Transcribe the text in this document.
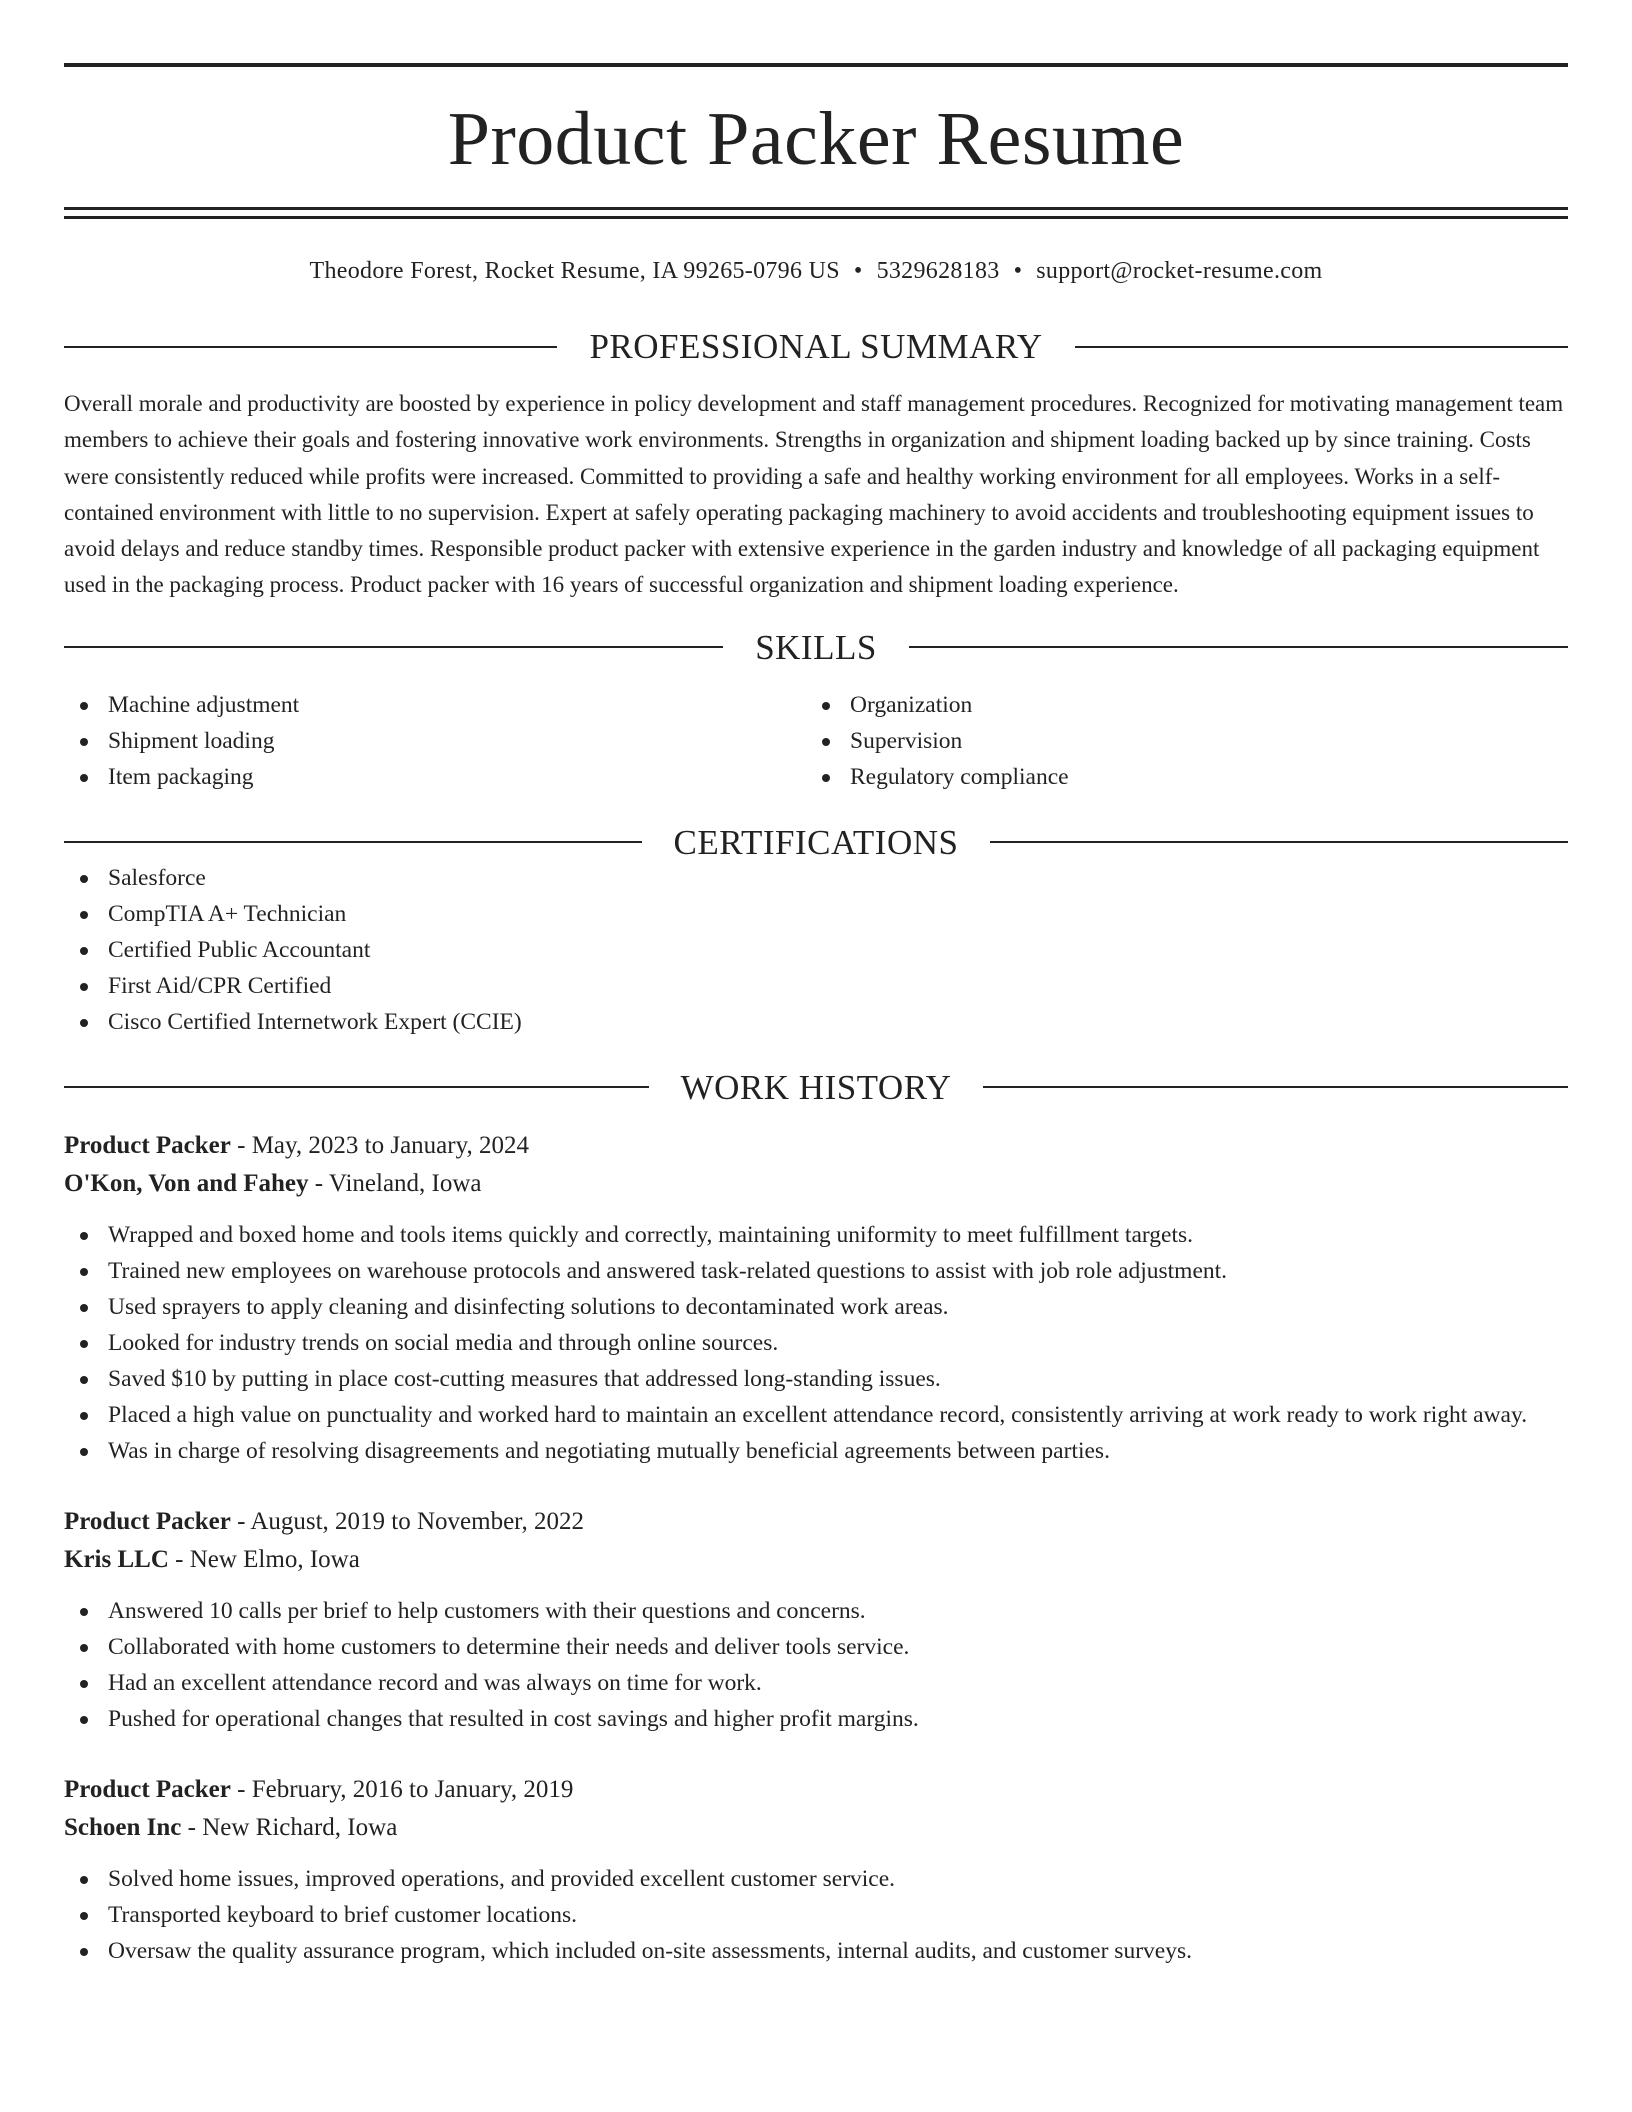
Product Packer Resume
Theodore Forest, Rocket Resume, IA 99265-0796 US • 5329628183 • support@rocket-resume.com
PROFESSIONAL SUMMARY

Overall morale and productivity are boosted by experience in policy development and staff management procedures. Recognized for motivating management team members to achieve their goals and fostering innovative work environments. Strengths in organization and shipment loading backed up by since training. Costs were consistently reduced while profits were increased. Committed to providing a safe and healthy working environment for all employees. Works in a self-contained environment with little to no supervision. Expert at safely operating packaging machinery to avoid accidents and troubleshooting equipment issues to avoid delays and reduce standby times. Responsible product packer with extensive experience in the garden industry and knowledge of all packaging equipment used in the packaging process. Product packer with 16 years of successful organization and shipment loading experience.

SKILLS
Machine adjustment
Shipment loading
Item packaging
Organization
Supervision
Regulatory compliance
CERTIFICATIONS
Salesforce
CompTIA A+ Technician
Certified Public Accountant
First Aid/CPR Certified
Cisco Certified Internetwork Expert (CCIE)
WORK HISTORY
Product Packer - May, 2023 to January, 2024
O'Kon, Von and Fahey - Vineland, Iowa
Wrapped and boxed home and tools items quickly and correctly, maintaining uniformity to meet fulfillment targets.
Trained new employees on warehouse protocols and answered task-related questions to assist with job role adjustment.
Used sprayers to apply cleaning and disinfecting solutions to decontaminated work areas.
Looked for industry trends on social media and through online sources.
Saved $10 by putting in place cost-cutting measures that addressed long-standing issues.
Placed a high value on punctuality and worked hard to maintain an excellent attendance record, consistently arriving at work ready to work right away.
Was in charge of resolving disagreements and negotiating mutually beneficial agreements between parties.
Product Packer - August, 2019 to November, 2022
Kris LLC - New Elmo, Iowa
Answered 10 calls per brief to help customers with their questions and concerns.
Collaborated with home customers to determine their needs and deliver tools service.
Had an excellent attendance record and was always on time for work.
Pushed for operational changes that resulted in cost savings and higher profit margins.
Product Packer - February, 2016 to January, 2019
Schoen Inc - New Richard, Iowa
Solved home issues, improved operations, and provided excellent customer service.
Transported keyboard to brief customer locations.
Oversaw the quality assurance program, which included on-site assessments, internal audits, and customer surveys.
